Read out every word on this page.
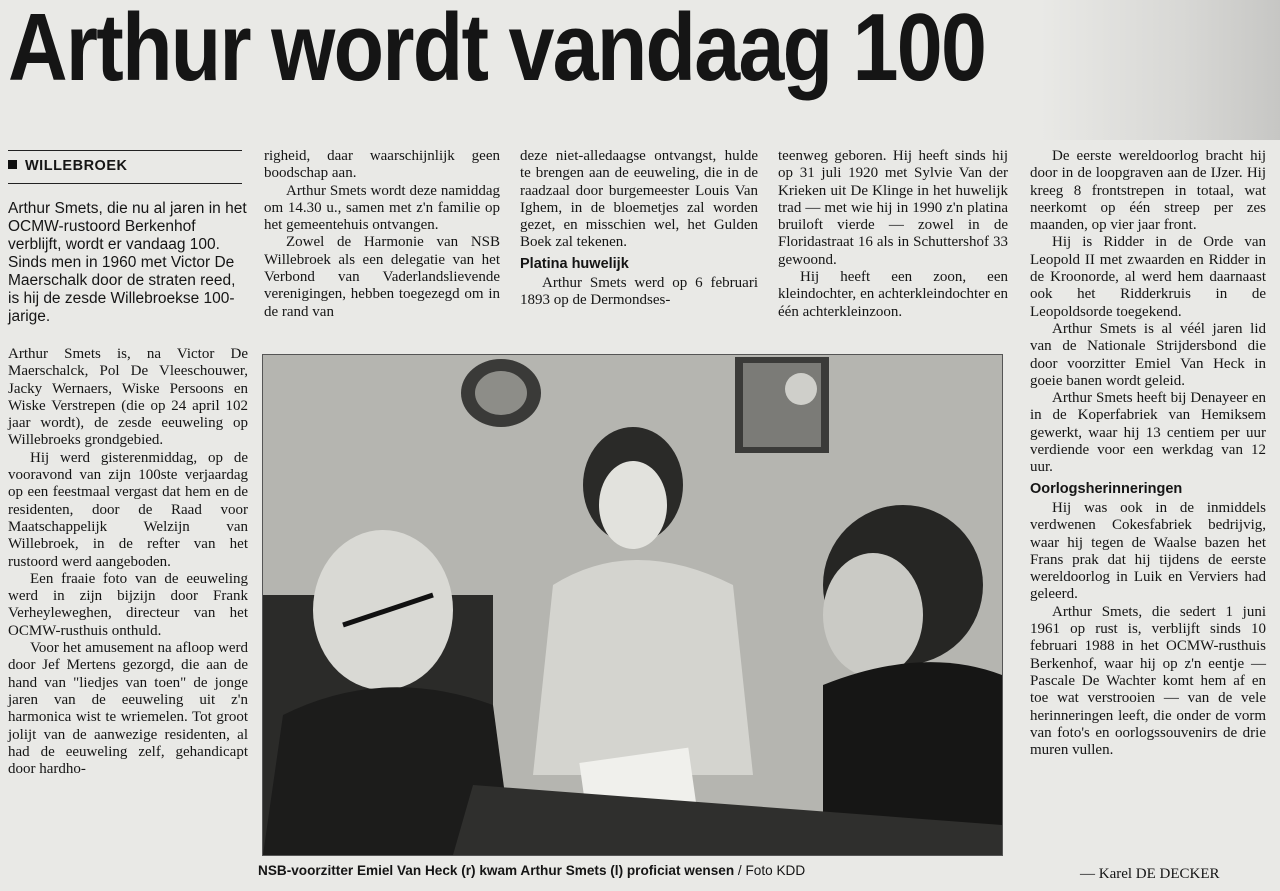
Arthur wordt vandaag 100
WILLEBROEK
Arthur Smets, die nu al jaren in het OCMW-rustoord Berkenhof verblijft, wordt er vandaag 100. Sinds men in 1960 met Victor De Maerschalk door de straten reed, is hij de zesde Willebroekse 100-jarige.

Arthur Smets is, na Victor De Maerschalck, Pol De Vleeschouwer, Jacky Wernaers, Wiske Persoons en Wiske Verstrepen (die op 24 april 102 jaar wordt), de zesde eeuweling op Willebroeks grondgebied.

Hij werd gisterenmiddag, op de vooravond van zijn 100ste verjaardag op een feestmaal vergast dat hem en de residenten, door de Raad voor Maatschappelijk Welzijn van Willebroek, in de refter van het rustoord werd aangeboden.

Een fraaie foto van de eeuweling werd in zijn bijzijn door Frank Verheyleweghen, directeur van het OCMW-rusthuis onthuld.

Voor het amusement na afloop werd door Jef Mertens gezorgd, die aan de hand van "liedjes van toen" de jonge jaren van de eeuweling uit z'n harmonica wist te wriemelen. Tot groot jolijt van de aanwezige residenten, al had de eeuweling zelf, gehandicapt door hardho-

righeid, daar waarschijnlijk geen boodschap aan.

Arthur Smets wordt deze namiddag om 14.30 u., samen met z'n familie op het gemeentehuis ontvangen.

Zowel de Harmonie van NSB Willebroek als een delegatie van het Verbond van Vaderlandslievende verenigingen, hebben toegezegd om in de rand van

deze niet-alledaagse ontvangst, hulde te brengen aan de eeuweling, die in de raadzaal door burgemeester Louis Van Ighem, in de bloemetjes zal worden gezet, en misschien wel, het Gulden Boek zal tekenen.

Platina huwelijk

Arthur Smets werd op 6 februari 1893 op de Dermondses-

teenweg geboren. Hij heeft sinds hij op 31 juli 1920 met Sylvie Van der Krieken uit De Klinge in het huwelijk trad — met wie hij in 1990 z'n platina bruiloft vierde — zowel in de Floridastraat 16 als in Schuttershof 33 gewoond.

Hij heeft een zoon, een kleindochter, en achterkleindochter en één achterkleinzoon.

De eerste wereldoorlog bracht hij door in de loopgraven aan de IJzer. Hij kreeg 8 frontstrepen in totaal, wat neerkomt op één streep per zes maanden, op vier jaar front.

Hij is Ridder in de Orde van Leopold II met zwaarden en Ridder in de Kroonorde, al werd hem daarnaast ook het Ridderkruis in de Leopoldsorde toegekend.

Arthur Smets is al véél jaren lid van de Nationale Strijdersbond die door voorzitter Emiel Van Heck in goeie banen wordt geleid.

Arthur Smets heeft bij Denayeer en in de Koperfabriek van Hemiksem gewerkt, waar hij 13 centiem per uur verdiende voor een werkdag van 12 uur.

Oorlogsherinneringen

Hij was ook in de inmiddels verdwenen Cokesfabriek bedrijvig, waar hij tegen de Waalse bazen het Frans prak dat hij tijdens de eerste wereldoorlog in Luik en Verviers had geleerd.

Arthur Smets, die sedert 1 juni 1961 op rust is, verblijft sinds 10 februari 1988 in het OCMW-rusthuis Berkenhof, waar hij op z'n eentje — Pascale De Wachter komt hem af en toe wat verstrooien — van de vele herinneringen leeft, die onder de vorm van foto's en oorlogssouvenirs de drie muren vullen.

NSB-voorzitter Emiel Van Heck (r) kwam Arthur Smets (l) proficiat wensen / Foto KDD	— Karel DE DECKER
